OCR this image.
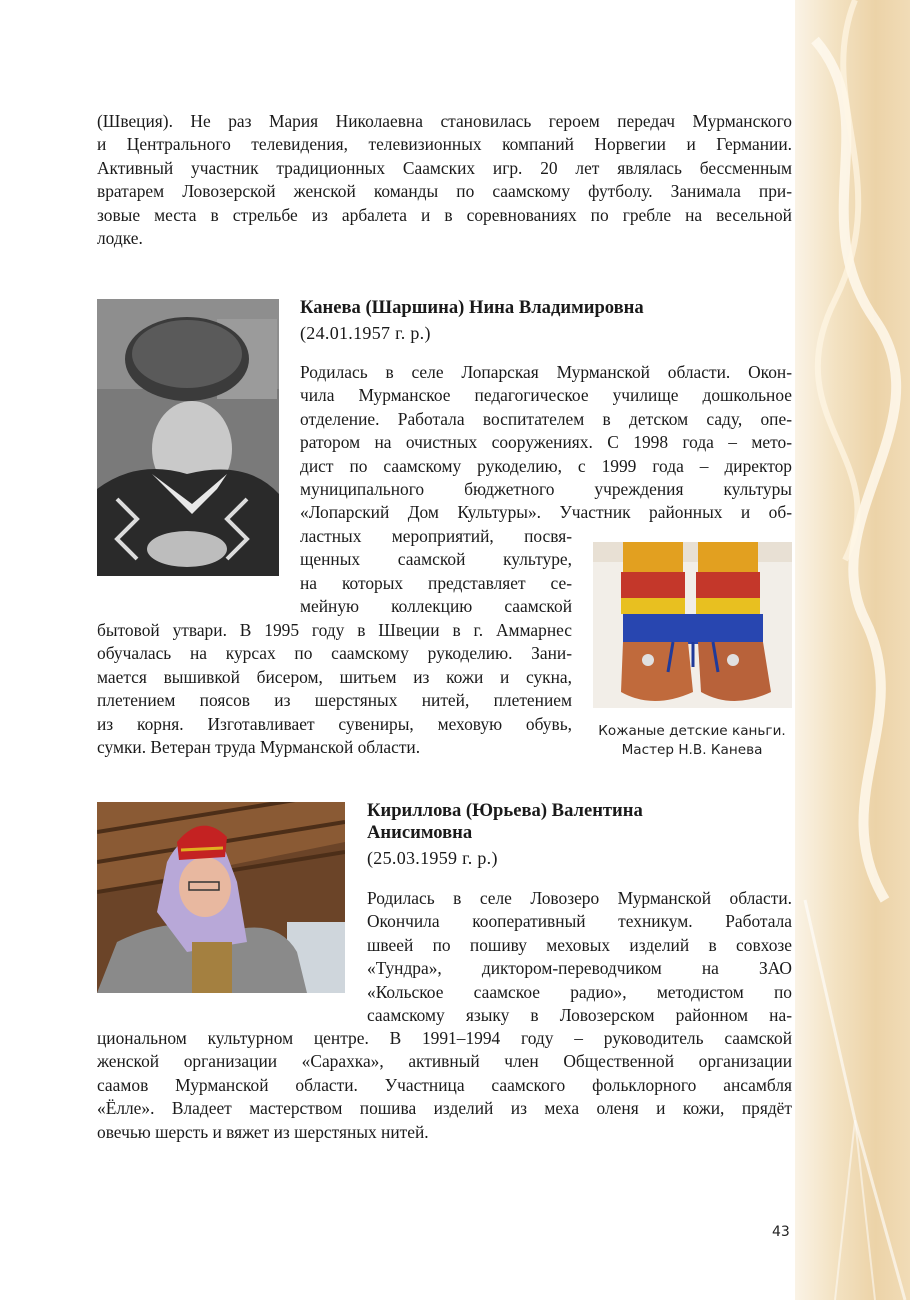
(Швеция). Не раз Мария Николаевна становилась героем передач Мурманского
и Центрального телевидения, телевизионных компаний Норвегии и Германии.
Активный участник традиционных Саамских игр. 20 лет являлась бессменным
вратарем Ловозерской женской команды по саамскому футболу. Занимала при-
зовые места в стрельбе из арбалета и в соревнованиях по гребле на весельной
лодке.
Канева (Шаршина) Нина Владимировна
(24.01.1957 г. р.)
Родилась в селе Лопарская Мурманской области. Окон-
чила Мурманское педагогическое училище дошкольное
отделение. Работала воспитателем в детском саду, опе-
ратором на очистных сооружениях. С 1998 года – мето-
дист по саамскому рукоделию, с 1999 года – директор
муниципального бюджетного учреждения культуры
«Лопарский Дом Культуры». Участник районных и об-
ластных мероприятий, посвя-
щенных саамской культуре,
на которых представляет се-
мейную коллекцию саамской
бытовой утвари. В 1995 году в Швеции в г. Аммарнес
обучалась на курсах по саамскому рукоделию. Зани-
мается вышивкой бисером, шитьем из кожи и сукна,
плетением поясов из шерстяных нитей, плетением
из корня. Изготавливает сувениры, меховую обувь,
сумки. Ветеран труда Мурманской области.
Кожаные детские каньги.
Мастер Н.В. Канева
Кириллова (Юрьева) Валентина
Анисимовна
(25.03.1959 г. р.)
Родилась в селе Ловозеро Мурманской области.
Окончила кооперативный техникум. Работала
швеей по пошиву меховых изделий в совхозе
«Тундра», диктором-переводчиком на ЗАО
«Кольское саамское радио», методистом по
саамскому языку в Ловозерском районном на-
циональном культурном центре. В 1991–1994 году – руководитель саамской
женской организации «Сарахка», активный член Общественной организации
саамов Мурманской области. Участница саамского фольклорного ансамбля
«Ёлле». Владеет мастерством пошива изделий из меха оленя и кожи, прядёт
овечью шерсть и вяжет из шерстяных нитей.
43
